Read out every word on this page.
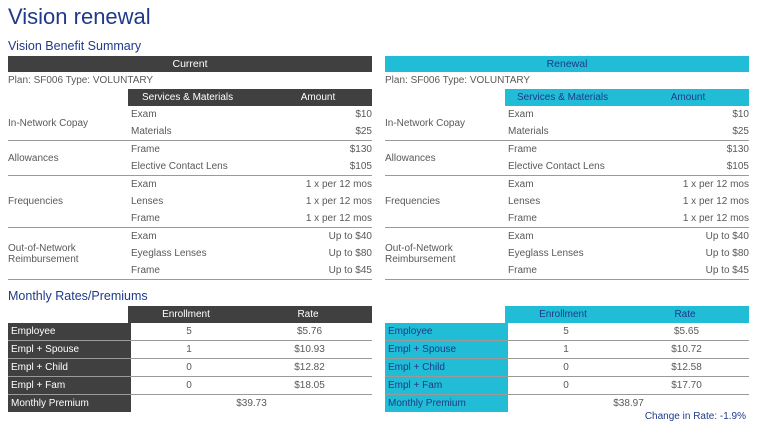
Vision renewal
Vision Benefit Summary
Current
Plan: SF006 Type: VOLUNTARY
Services & Materials	Amount
In-Network Copay
Exam	$10
Materials	$25
Allowances
Frame	$130
Elective Contact Lens	$105
Frequencies
Exam	1 x per 12 mos
Lenses	1 x per 12 mos
Frame	1 x per 12 mos
Out-of-Network Reimbursement
Exam	Up to $40
Eyeglass Lenses	Up to $80
Frame	Up to $45
Renewal
Plan: SF006 Type: VOLUNTARY
Services & Materials	Amount
In-Network Copay
Exam	$10
Materials	$25
Allowances
Frame	$130
Elective Contact Lens	$105
Frequencies
Exam	1 x per 12 mos
Lenses	1 x per 12 mos
Frame	1 x per 12 mos
Out-of-Network Reimbursement
Exam	Up to $40
Eyeglass Lenses	Up to $80
Frame	Up to $45
Monthly Rates/Premiums
Enrollment	Rate
Employee	5	$5.76
Empl + Spouse	1	$10.93
Empl + Child	0	$12.82
Empl + Fam	0	$18.05
Monthly Premium	$39.73
Enrollment	Rate
Employee	5	$5.65
Empl + Spouse	1	$10.72
Empl + Child	0	$12.58
Empl + Fam	0	$17.70
Monthly Premium	$38.97
Change in Rate: -1.9%
